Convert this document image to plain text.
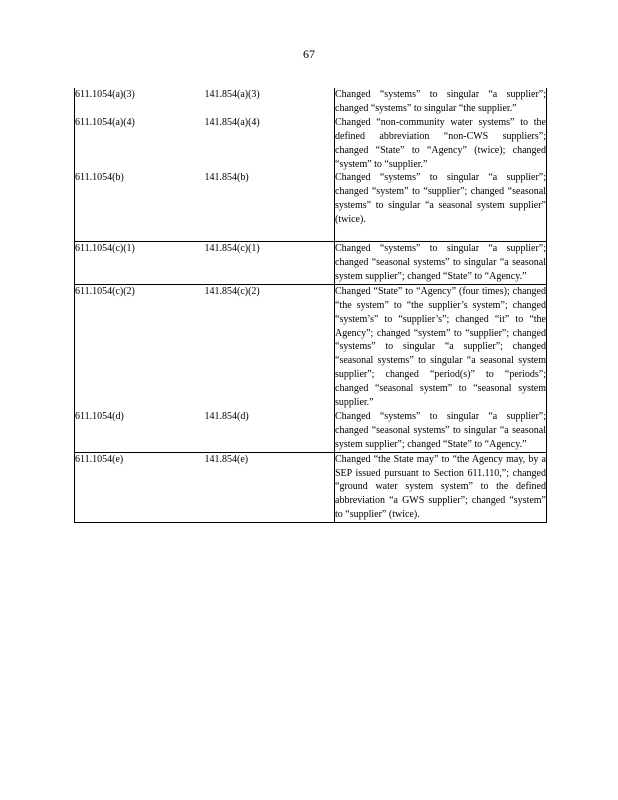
67
611.1054(a)(3)	141.854(a)(3)	Changed “systems” to singular “a supplier”; changed “systems” to singular “the supplier.”
611.1054(a)(4)	141.854(a)(4)	Changed “non-community water systems” to the defined abbreviation “non-CWS suppliers”; changed “State” to “Agency” (twice); changed “system” to “supplier.”
611.1054(b)	141.854(b)	Changed “systems” to singular “a supplier”; changed “system” to “supplier”; changed “seasonal systems” to singular “a seasonal system supplier” (twice).
611.1054(c)(1)	141.854(c)(1)	Changed “systems” to singular “a supplier”; changed “seasonal systems” to singular “a seasonal system supplier”; changed “State” to “Agency.”
611.1054(c)(2)	141.854(c)(2)	Changed “State” to “Agency” (four times); changed “the system” to “the supplier’s system”; changed “system’s” to “supplier’s”; changed “it” to “the Agency”; changed “system” to “supplier”; changed “systems” to singular “a supplier”; changed “seasonal systems” to singular “a seasonal system supplier”; changed “period(s)” to “periods”; changed “seasonal system” to “seasonal system supplier.”
611.1054(d)	141.854(d)	Changed “systems” to singular “a supplier”; changed “seasonal systems” to singular “a seasonal system supplier”; changed “State” to “Agency.”
611.1054(e)	141.854(e)	Changed “the State may” to “the Agency may, by a SEP issued pursuant to Section 611.110,”; changed “ground water system system” to the defined abbreviation “a GWS supplier”; changed “system” to “supplier” (twice).
